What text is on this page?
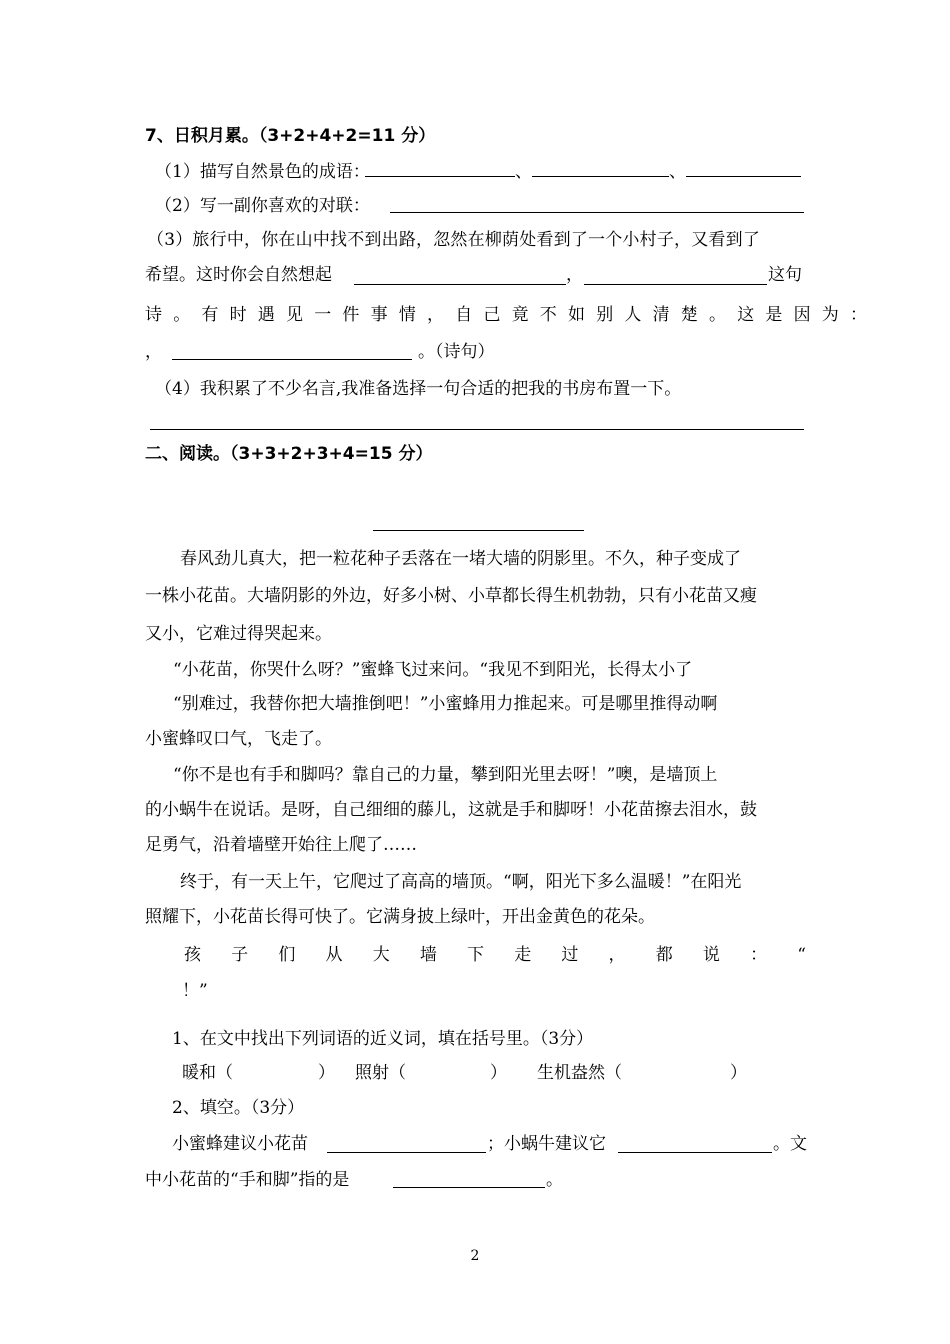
7、日积月累。（3+2+4+2=11 分）
（1）描写自然景色的成语：	、	、
（2）写一副你喜欢的对联：
（3）旅行中，你在山中找不到出路，忽然在柳荫处看到了一个小村子，又看到了
希望。这时你会自然想起	，	这句
诗。有时遇见一件事情，自己竟不如别人清楚。这是因为：
，	。（诗句）
（4）我积累了不少名言,我准备选择一句合适的把我的书房布置一下。
二、阅读。（3+3+2+3+4=15 分）
春风劲儿真大，把一粒花种子丢落在一堵大墙的阴影里。不久，种子变成了
一株小花苗。大墙阴影的外边，好多小树、小草都长得生机勃勃，只有小花苗又瘦
又小，它难过得哭起来。
“小花苗，你哭什么呀？”蜜蜂飞过来问。“我见不到阳光，长得太小了
“别难过，我替你把大墙推倒吧！”小蜜蜂用力推起来。可是哪里推得动啊
小蜜蜂叹口气，飞走了。
“你不是也有手和脚吗？靠自己的力量，攀到阳光里去呀！”噢，是墙顶上
的小蜗牛在说话。是呀，自己细细的藤儿，这就是手和脚呀！小花苗擦去泪水，鼓
足勇气，沿着墙壁开始往上爬了……
终于，有一天上午，它爬过了高高的墙顶。“啊，阳光下多么温暖！”在阳光
照耀下，小花苗长得可快了。它满身披上绿叶，开出金黄色的花朵。
孩 子 们 从 大 墙 下 走 过 ， 都 说 ： “
！”
1、在文中找出下列词语的近义词，填在括号里。（3分）
暖和（	） 照射（	） 生机盎然（	）
2、填空。（3分）
小蜜蜂建议小花苗	；小蜗牛建议它	。文
中小花苗的“手和脚”指的是	。
2
